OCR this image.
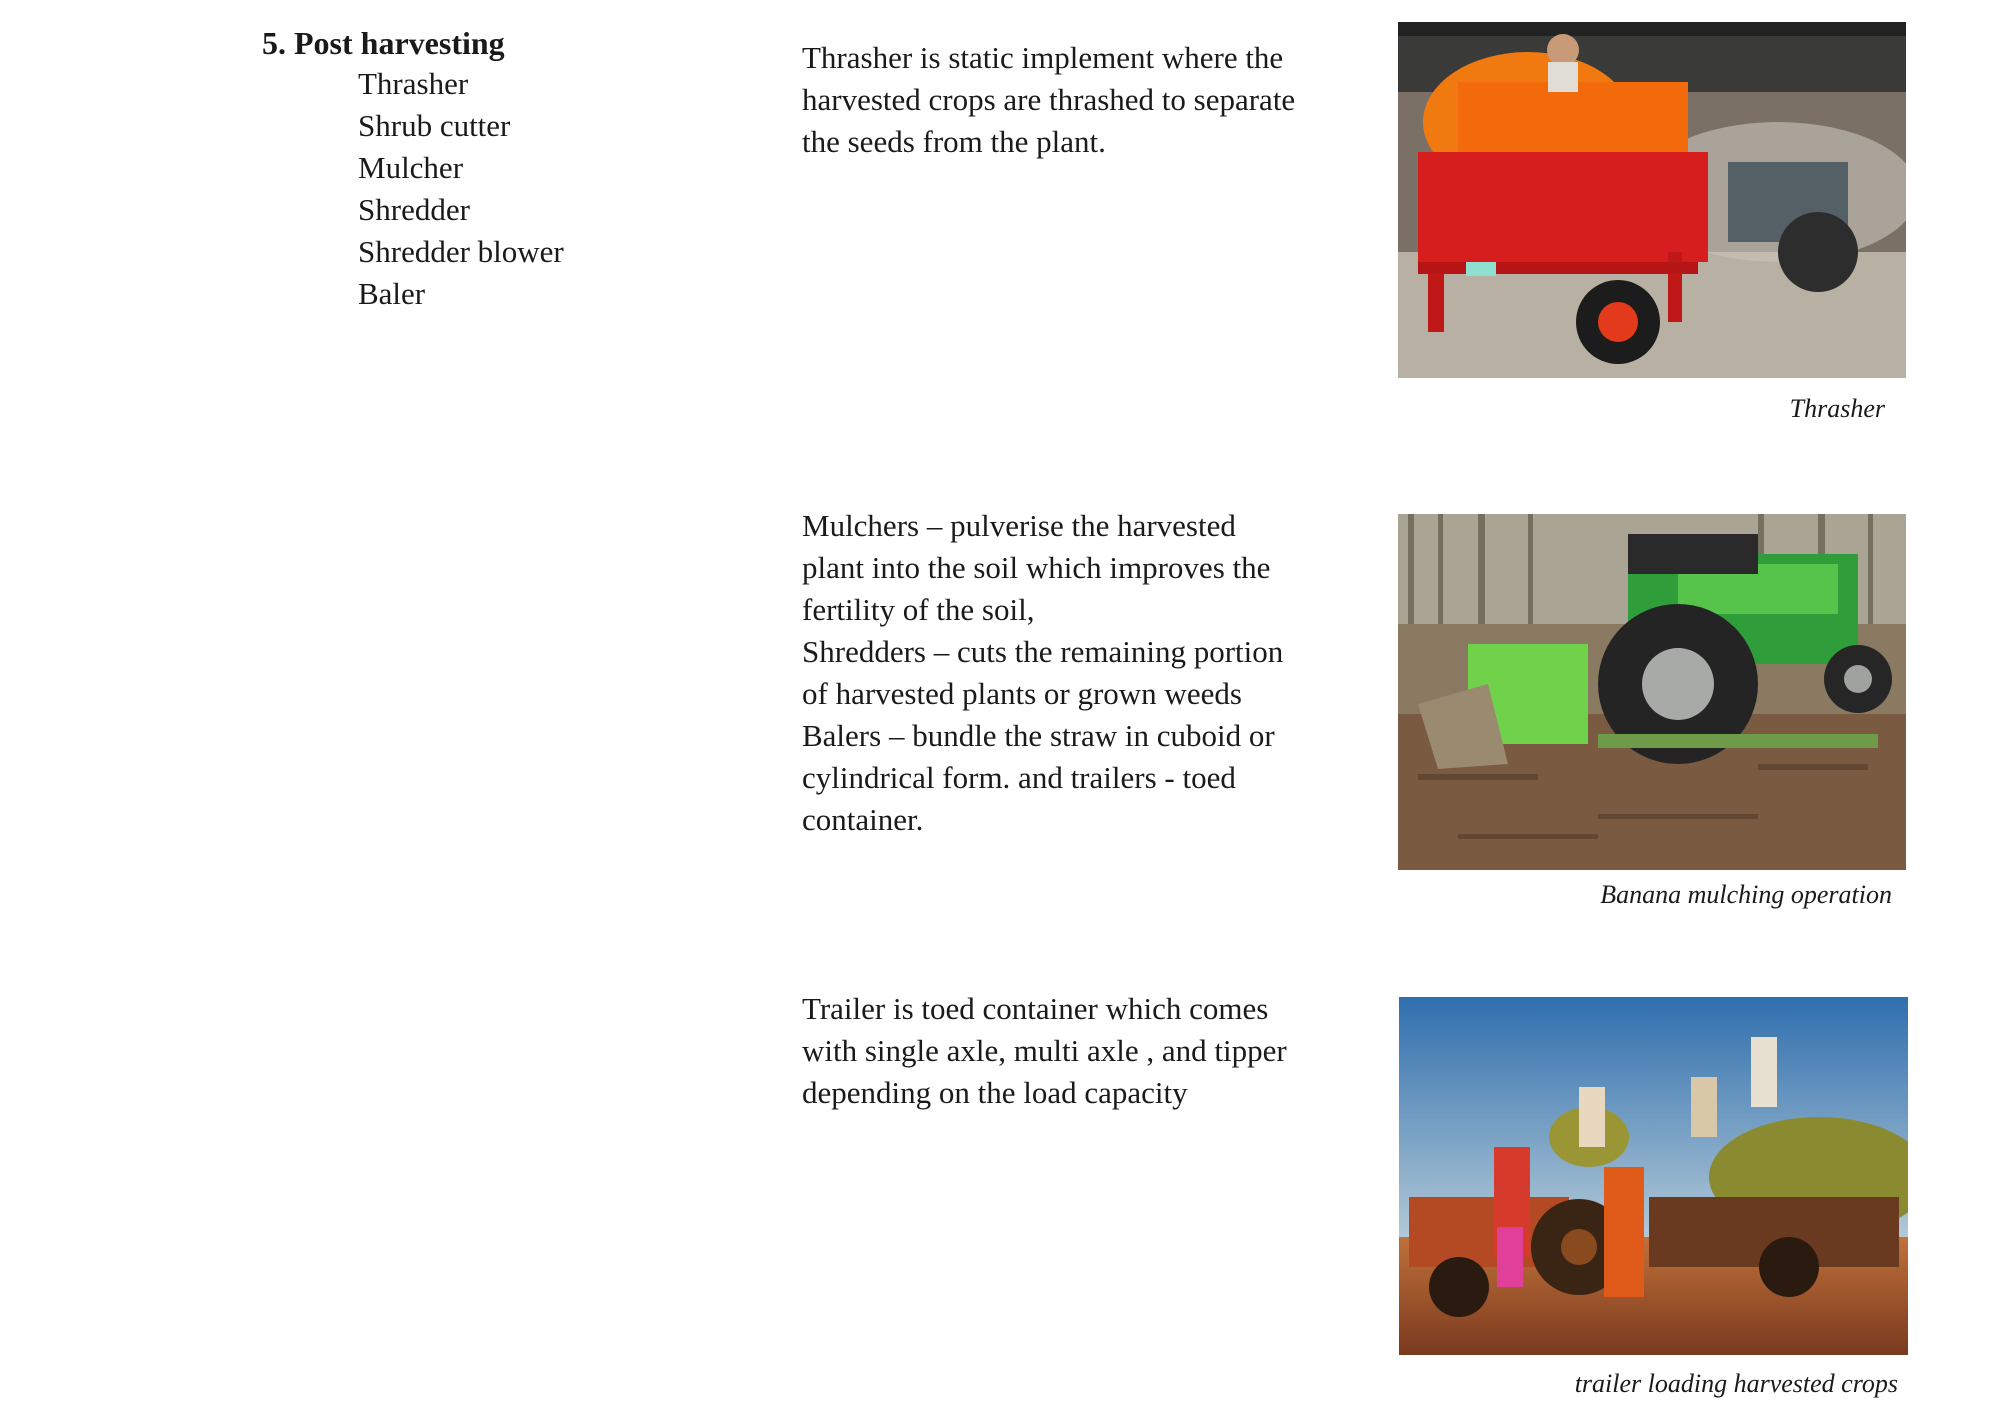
5. Post harvesting
Thrasher
Shrub cutter
Mulcher
Shredder
Shredder blower
Baler

Thrasher is static implement where the
harvested crops are thrashed to separate
the seeds from the plant.

Thrasher

Mulchers – pulverise the harvested
plant into the soil which improves the
fertility of the soil,
Shredders – cuts the remaining portion
of harvested plants or grown weeds
Balers – bundle the straw in cuboid or
cylindrical form. and trailers - toed
container.

Banana mulching operation

Trailer is toed container which comes
with single axle, multi axle , and tipper
depending on the load capacity

trailer loading harvested crops
